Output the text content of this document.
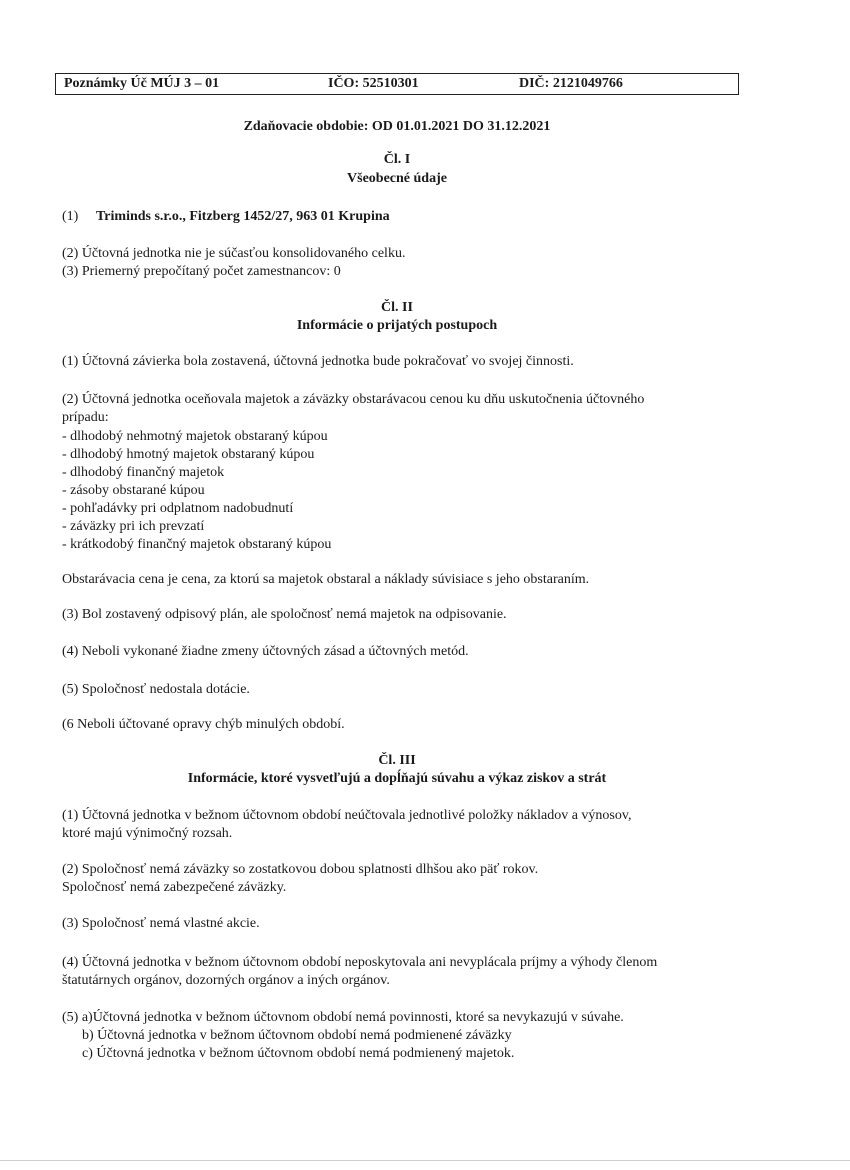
Poznámky Úč MÚJ 3 – 01	IČO: 52510301	DIČ: 2121049766
Zdaňovacie obdobie: OD 01.01.2021 DO 31.12.2021
Čl. I
Všeobecné údaje
(1) Triminds s.r.o., Fitzberg 1452/27, 963 01 Krupina
(2) Účtovná jednotka nie je súčasťou konsolidovaného celku.
(3) Priemerný prepočítaný počet zamestnancov: 0
Čl. II
Informácie o prijatých postupoch
(1) Účtovná závierka bola zostavená, účtovná jednotka bude pokračovať vo svojej činnosti.
(2) Účtovná jednotka oceňovala majetok a záväzky obstarávacou cenou ku dňu uskutočnenia účtovného
prípadu:
- dlhodobý nehmotný majetok obstaraný kúpou
- dlhodobý hmotný majetok obstaraný kúpou
- dlhodobý finančný majetok
- zásoby obstarané kúpou
- pohľadávky pri odplatnom nadobudnutí
- záväzky pri ich prevzatí
- krátkodobý finančný majetok obstaraný kúpou
Obstarávacia cena je cena, za ktorú sa majetok obstaral a náklady súvisiace s jeho obstaraním.
(3) Bol zostavený odpisový plán, ale spoločnosť nemá majetok na odpisovanie.
(4) Neboli vykonané žiadne zmeny účtovných zásad a účtovných metód.
(5) Spoločnosť nedostala dotácie.
(6 Neboli účtované opravy chýb minulých období.
Čl. III
Informácie, ktoré vysvetľujú a dopĺňajú súvahu a výkaz ziskov a strát
(1) Účtovná jednotka v bežnom účtovnom období neúčtovala jednotlivé položky nákladov a výnosov,
ktoré majú výnimočný rozsah.
(2) Spoločnosť nemá záväzky so zostatkovou dobou splatnosti dlhšou ako päť rokov.
Spoločnosť nemá zabezpečené záväzky.
(3) Spoločnosť nemá vlastné akcie.
(4) Účtovná jednotka v bežnom účtovnom období neposkytovala ani nevyplácala príjmy a výhody členom
štatutárnych orgánov, dozorných orgánov a iných orgánov.
(5) a)Účtovná jednotka v bežnom účtovnom období nemá povinnosti, ktoré sa nevykazujú v súvahe.
b) Účtovná jednotka v bežnom účtovnom období nemá podmienené záväzky
c) Účtovná jednotka v bežnom účtovnom období nemá podmienený majetok.
